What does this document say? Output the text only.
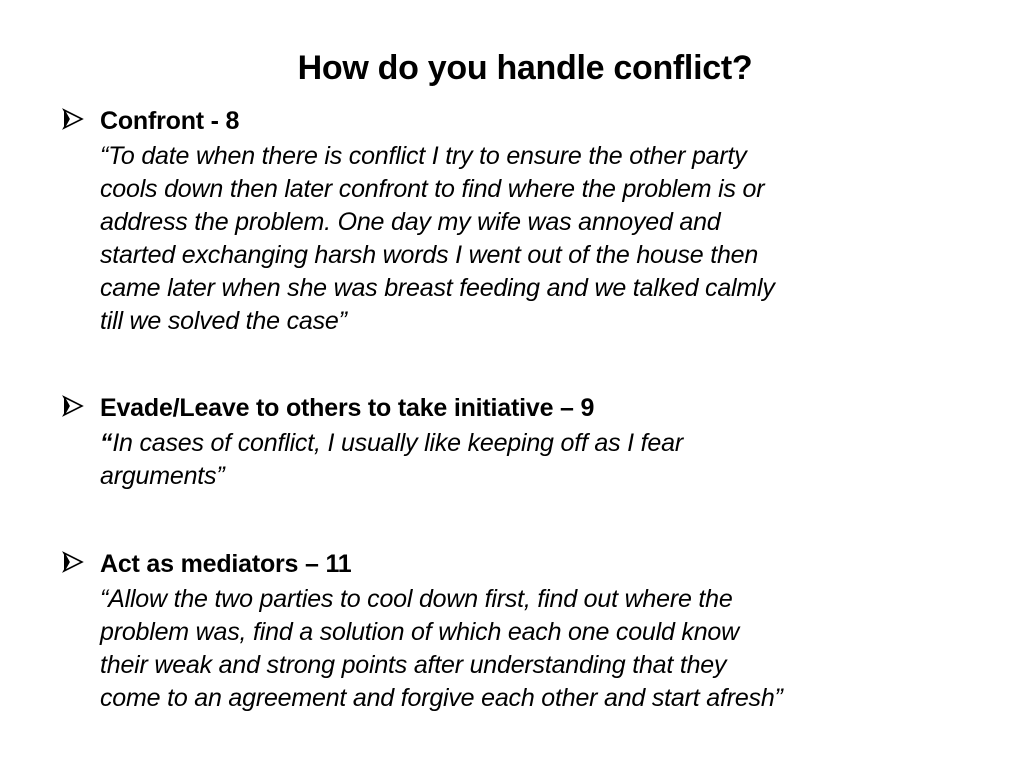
How do you handle conflict?
Confront - 8
“To date when there is conflict I try to ensure the other party
cools down then later confront to find where the problem is or
address the problem. One day my wife was annoyed and
started exchanging harsh words I went out of the house then
came later when she was breast feeding and we talked calmly
till we solved the case”
Evade/Leave to others to take initiative – 9
“In cases of conflict, I usually like keeping off as I fear
arguments”
Act as mediators – 11
“Allow the two parties to cool down first, find out where the
problem was, find a solution of which each one could know
their weak and strong points after understanding that they
come to an agreement and forgive each other and start afresh”
